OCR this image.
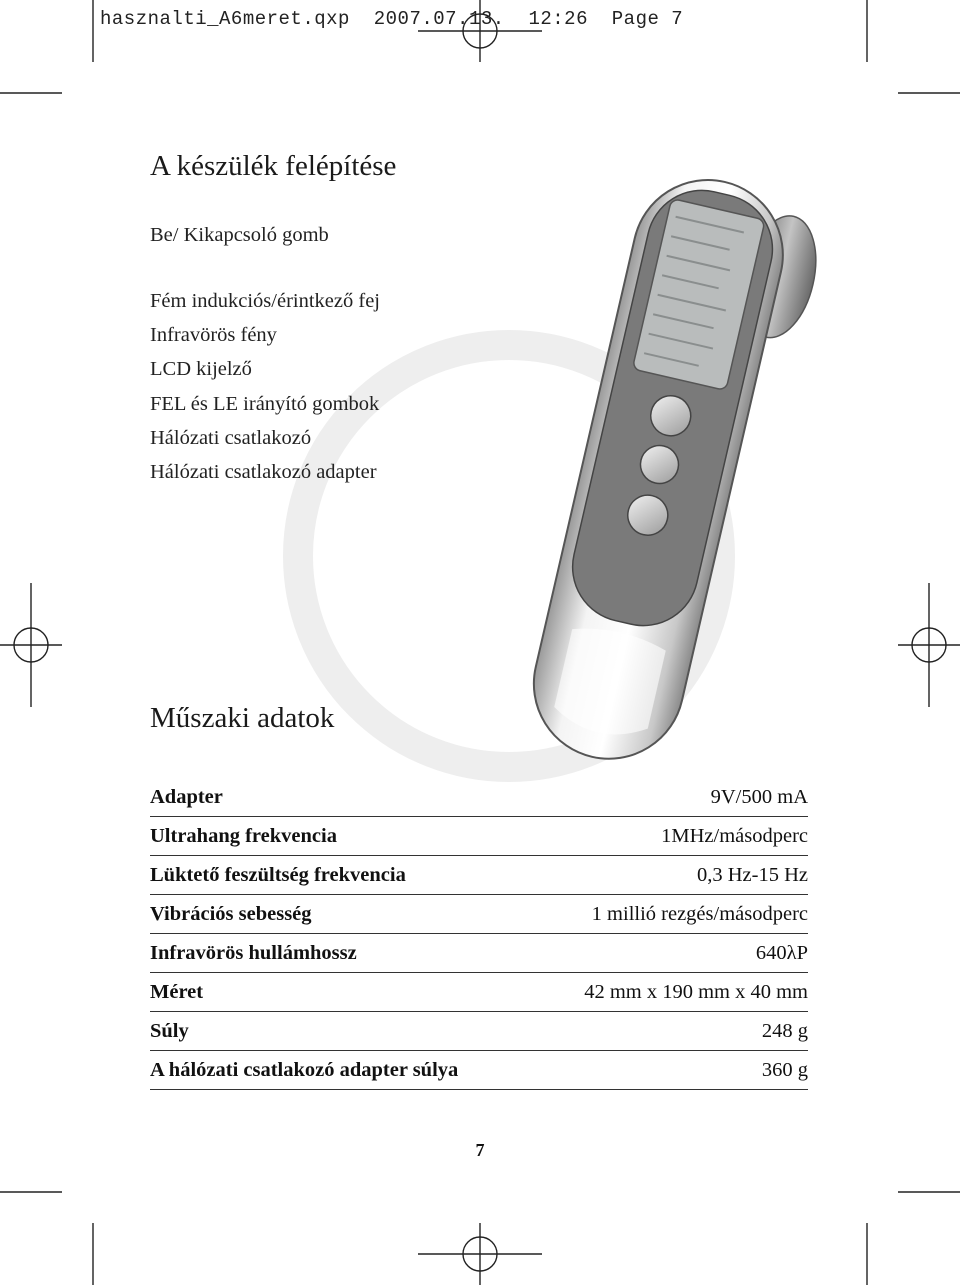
hasznalti_A6meret.qxp  2007.07.13.  12:26  Page 7
A készülék felépítése

Be/ Kikapcsoló gomb

Fém indukciós/érintkező fej

Infravörös fény

LCD kijelző

FEL és LE irányító gombok

Hálózati csatlakozó

Hálózati csatlakozó adapter

Műszaki adatok
Adapter	9V/500 mA
Ultrahang frekvencia	1MHz/másodperc
Lüktető feszültség frekvencia	0,3 Hz-15 Hz
Vibrációs sebesség	1 millió rezgés/másodperc
Infravörös hullámhossz	640λP
Méret	42 mm x 190 mm x 40 mm
Súly	248 g
A hálózati csatlakozó adapter súlya	360 g
7
